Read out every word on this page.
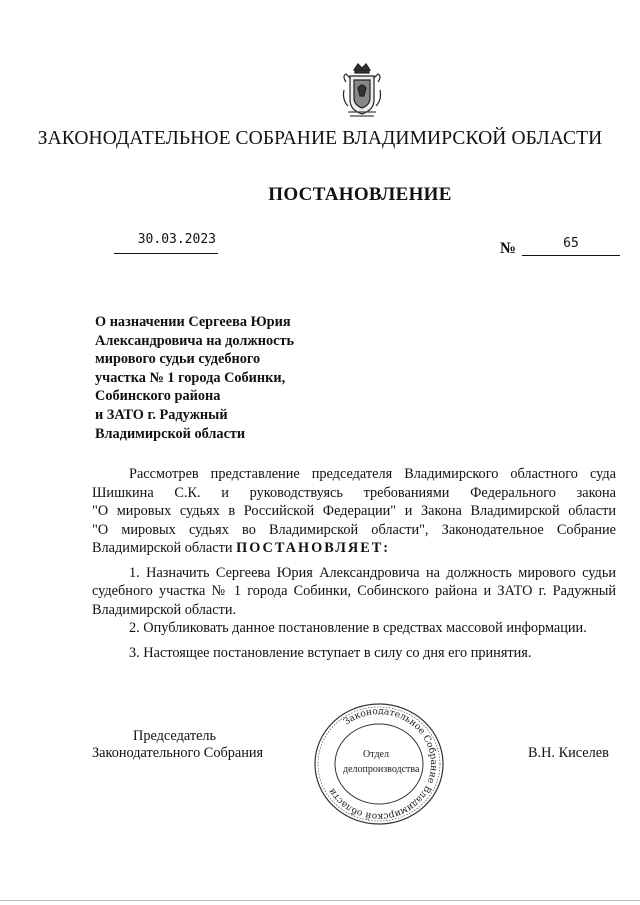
ЗАКОНОДАТЕЛЬНОЕ СОБРАНИЕ ВЛАДИМИРСКОЙ ОБЛАСТИ
ПОСТАНОВЛЕНИЕ
30.03.2023
№	65
О назначении Сергеева Юрия
Александровича на должность
мирового судьи судебного
участка № 1 города Собинки,
Собинского района
и ЗАТО г. Радужный
Владимирской области

Рассмотрев представление председателя Владимирского областного суда

Шишкина С.К. и руководствуясь требованиями Федерального закона

"О мировых судьях в Российской Федерации" и Закона Владимирской области

"О мировых судьях во Владимирской области", Законодательное Собрание

Владимирской области ПОСТАНОВЛЯЕТ:

1. Назначить Сергеева Юрия Александровича на должность мирового судьи судебного участка № 1 города Собинки, Собинского района и ЗАТО г. Радужный Владимирской области.

2. Опубликовать данное постановление в средствах массовой информации.

3. Настоящее постановление вступает в силу со дня его принятия.

Председатель
Законодательного Собрания	В.Н. Киселев
Законодательное Собрание Владимирской области
Отдел
делопроизводства
